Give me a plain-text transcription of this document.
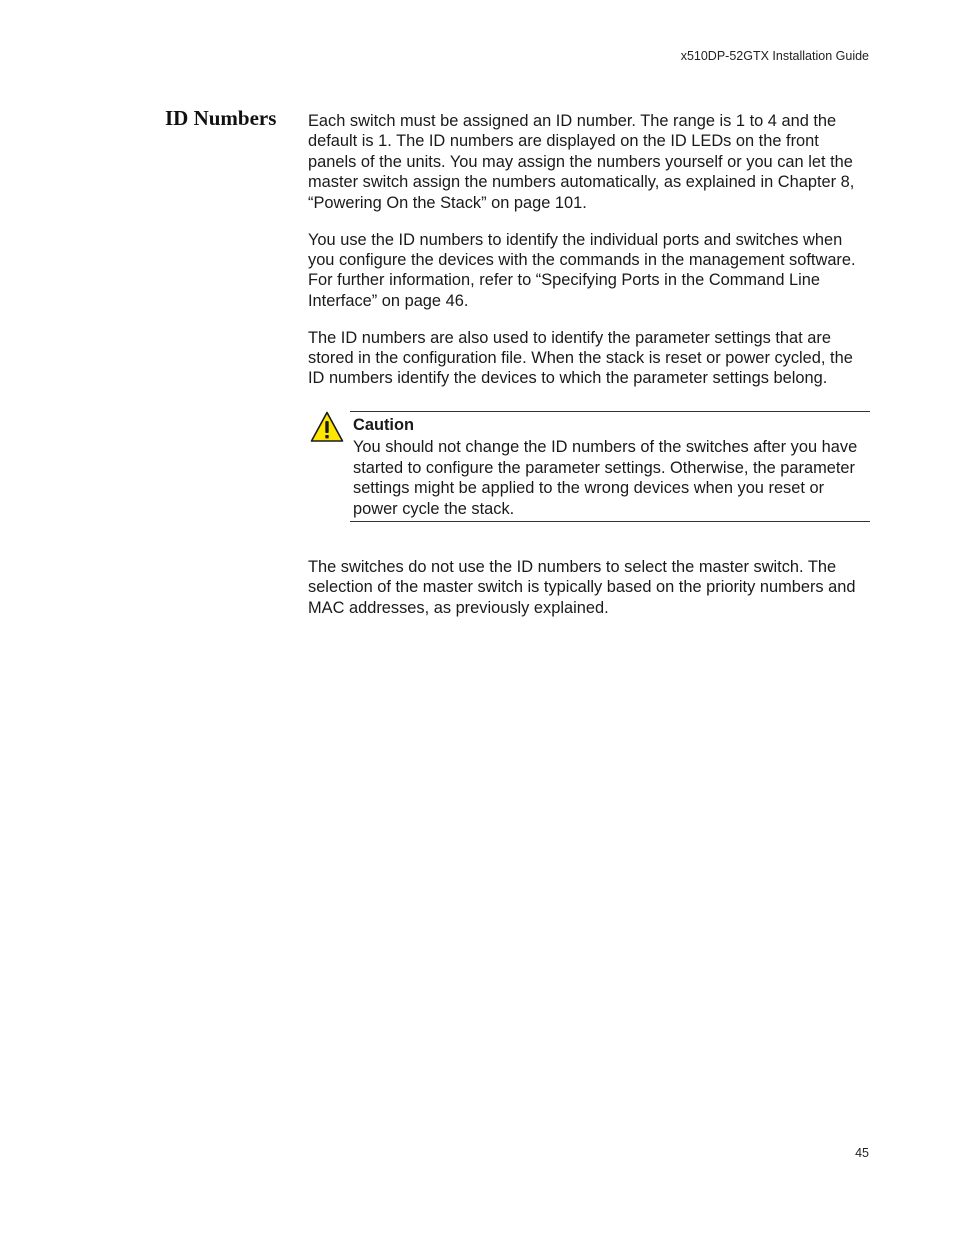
x510DP-52GTX Installation Guide
ID Numbers Each switch must be assigned an ID number. The range is 1 to 4 and the default is 1. The ID numbers are displayed on the ID LEDs on the front panels of the units. You may assign the numbers yourself or you can let the master switch assign the numbers automatically, as explained in Chapter 8, “Powering On the Stack” on page 101.

You use the ID numbers to identify the individual ports and switches when you configure the devices with the commands in the management software. For further information, refer to “Specifying Ports in the Command Line Interface” on page 46.

The ID numbers are also used to identify the parameter settings that are stored in the configuration file. When the stack is reset or power cycled, the ID numbers identify the devices to which the parameter settings belong.

Caution
You should not change the ID numbers of the switches after you have started to configure the parameter settings. Otherwise, the parameter settings might be applied to the wrong devices when you reset or power cycle the stack.

The switches do not use the ID numbers to select the master switch. The selection of the master switch is typically based on the priority numbers and MAC addresses, as previously explained.

45
